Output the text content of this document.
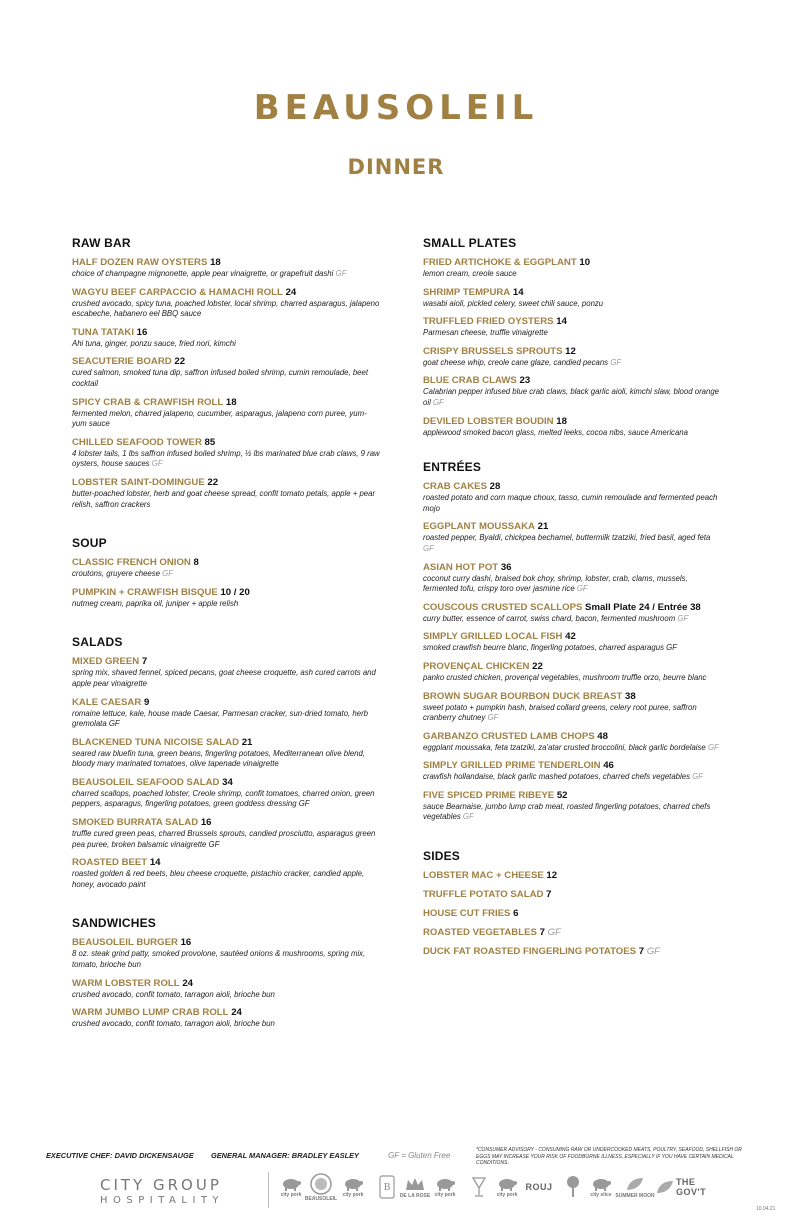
BEAUSOLEIL
DINNER
RAW BAR
HALF DOZEN RAW OYSTERS 18
choice of champagne mignonette, apple pear vinaigrette, or grapefruit dashi GF
WAGYU BEEF CARPACCIO & HAMACHI ROLL 24
crushed avocado, spicy tuna, poached lobster, local shrimp, charred asparagus, jalapeno escabeche, habanero eel BBQ sauce
TUNA TATAKI 16
Ahi tuna, ginger, ponzu sauce, fried nori, kimchi
SEACUTERIE BOARD 22
cured salmon, smoked tuna dip, saffron infused boiled shrimp, cumin remoulade, beet cocktail
SPICY CRAB & CRAWFISH ROLL 18
fermented melon, charred jalapeno, cucumber, asparagus, jalapeno corn puree, yum-yum sauce
CHILLED SEAFOOD TOWER 85
4 lobster tails, 1 lbs saffron infused boiled shrimp, ½ lbs marinated blue crab claws, 9 raw oysters, house sauces GF
LOBSTER SAINT-DOMINGUE 22
butter-poached lobster, herb and goat cheese spread, confit tomato petals, apple + pear relish, saffron crackers
SOUP
CLASSIC FRENCH ONION 8
croutons, gruyere cheese GF
PUMPKIN + CRAWFISH BISQUE 10 / 20
nutmeg cream, paprika oil, juniper + apple relish
SALADS
MIXED GREEN 7
spring mix, shaved fennel, spiced pecans, goat cheese croquette, ash cured carrots and apple pear vinaigrette
KALE CAESAR 9
romaine lettuce, kale, house made Caesar, Parmesan cracker, sun-dried tomato, herb gremolata GF
BLACKENED TUNA NICOISE SALAD 21
seared raw bluefin tuna, green beans, fingerling potatoes, Mediterranean olive blend, bloody mary marinated tomatoes, olive tapenade vinaigrette
BEAUSOLEIL SEAFOOD SALAD 34
charred scallops, poached lobster, Creole shrimp, confit tomatoes, charred onion, green peppers, asparagus, fingerling potatoes, green goddess dressing GF
SMOKED BURRATA SALAD 16
truffle cured green peas, charred Brussels sprouts, candied prosciutto, asparagus green pea puree, broken balsamic vinaigrette GF
ROASTED BEET 14
roasted golden & red beets, bleu cheese croquette, pistachio cracker, candied apple, honey, avocado paint
SANDWICHES
BEAUSOLEIL BURGER 16
8 oz. steak grind patty, smoked provolone, sautéed onions & mushrooms, spring mix, tomato, brioche bun
WARM LOBSTER ROLL 24
crushed avocado, confit tomato, tarragon aioli, brioche bun
WARM JUMBO LUMP CRAB ROLL 24
crushed avocado, confit tomato, tarragon aioli, brioche bun
SMALL PLATES
FRIED ARTICHOKE & EGGPLANT 10
lemon cream, creole sauce
SHRIMP TEMPURA 14
wasabi aioli, pickled celery, sweet chili sauce, ponzu
TRUFFLED FRIED OYSTERS 14
Parmesan cheese, truffle vinaigrette
CRISPY BRUSSELS SPROUTS 12
goat cheese whip, creole cane glaze, candied pecans GF
BLUE CRAB CLAWS 23
Calabrian pepper infused blue crab claws, black garlic aioli, kimchi slaw, blood orange oil GF
DEVILED LOBSTER BOUDIN 18
applewood smoked bacon glass, melted leeks, cocoa nibs, sauce Americana
ENTRÉES
CRAB CAKES 28
roasted potato and corn maque choux, tasso, cumin remoulade and fermented peach mojo
EGGPLANT MOUSSAKA 21
roasted pepper, Byaldi, chickpea bechamel, buttermilk tzatziki, fried basil, aged feta GF
ASIAN HOT POT 36
coconut curry dashi, braised bok choy, shrimp, lobster, crab, clams, mussels, fermented tofu, crispy toro over jasmine rice GF
COUSCOUS CRUSTED SCALLOPS Small Plate 24 / Entrée 38
curry butter, essence of carrot, swiss chard, bacon, fermented mushroom GF
SIMPLY GRILLED LOCAL FISH 42
smoked crawfish beurre blanc, fingerling potatoes, charred asparagus GF
PROVENÇAL CHICKEN 22
panko crusted chicken, provençal vegetables, mushroom truffle orzo, beurre blanc
BROWN SUGAR BOURBON DUCK BREAST 38
sweet potato + pumpkin hash, braised collard greens, celery root puree, saffron cranberry chutney GF
GARBANZO CRUSTED LAMB CHOPS 48
eggplant moussaka, feta tzatziki, za'atar crusted broccolini, black garlic bordelaise GF
SIMPLY GRILLED PRIME TENDERLOIN 46
crawfish hollandaise, black garlic mashed potatoes, charred chefs vegetables GF
FIVE SPICED PRIME RIBEYE 52
sauce Bearnaise, jumbo lump crab meat, roasted fingerling potatoes, charred chefs vegetables GF
SIDES
LOBSTER MAC + CHEESE 12
TRUFFLE POTATO SALAD 7
HOUSE CUT FRIES 6
ROASTED VEGETABLES 7 GF
DUCK FAT ROASTED FINGERLING POTATOES 7 GF
EXECUTIVE CHEF: DAVID DICKENSAUGE GENERAL MANAGER: BRADLEY EASLEY	GF = Gluten Free
*CONSUMER ADVISORY - CONSUMING RAW OR UNDERCOOKED MEATS, POULTRY, SEAFOOD, SHELLFISH OR EGGS MAY INCREASE YOUR RISK OF FOODBORNE ILLNESS, ESPECIALLY IF YOU HAVE CERTAIN MEDICAL CONDITIONS.
CITY GROUP
HOSPITALITY
city pork
BEAUSOLEIL
city pork
B
DE LA ROSE city pork	city pork
ROUJ
city slice SUMMER MOON
THE GOV'T
10.04.21
